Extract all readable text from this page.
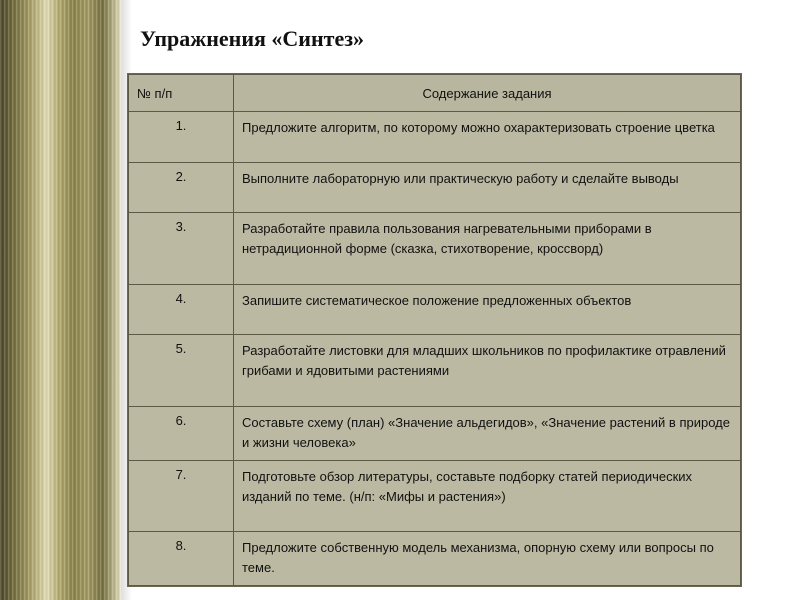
Упражнения «Синтез»
№ п/п	Содержание задания
1.	Предложите алгоритм, по которому можно охарактеризовать строение цветка
2.	Выполните лабораторную или практическую работу и сделайте выводы
3.	Разработайте правила пользования нагревательными приборами в нетрадиционной форме (сказка, стихотворение, кроссворд)
4.	Запишите систематическое положение предложенных объектов
5.	Разработайте листовки для младших школьников по профилактике отравлений грибами и ядовитыми растениями
6.	Составьте схему (план) «Значение альдегидов», «Значение растений в природе и жизни человека»
7.	Подготовьте обзор литературы, составьте подборку статей периодических изданий по теме. (н/п: «Мифы и растения»)
8.	Предложите собственную модель механизма, опорную схему или вопросы по теме.
